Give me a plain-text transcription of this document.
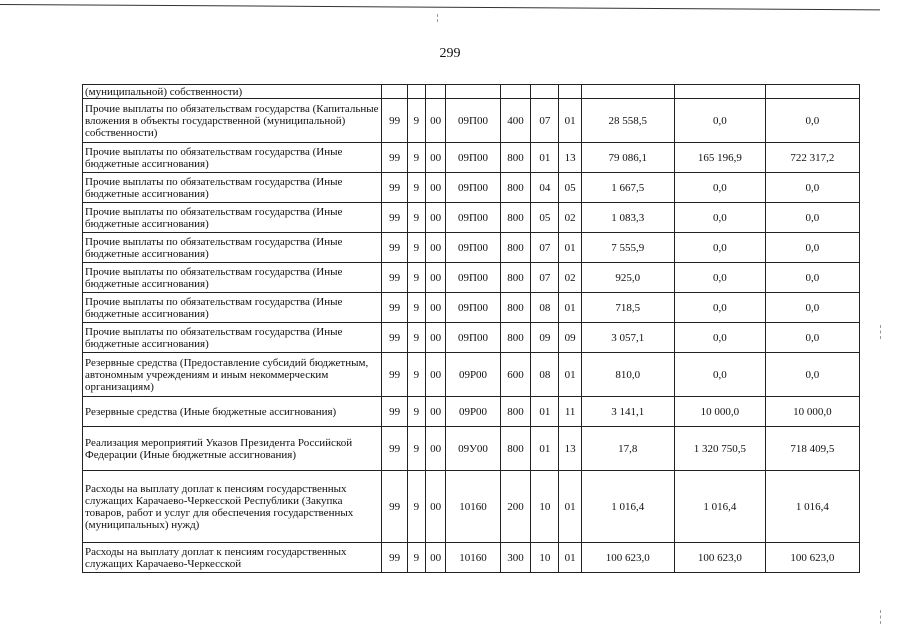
299
(муниципальной) собственности)										
Прочие выплаты по обязательствам государства (Капитальные вложения в объекты государственной (муниципальной) собственности)	99	9	00	09П00	400	07	01	28 558,5	0,0	0,0
Прочие выплаты по обязательствам государства (Иные бюджетные ассигнования)	99	9	00	09П00	800	01	13	79 086,1	165 196,9	722 317,2
Прочие выплаты по обязательствам государства (Иные бюджетные ассигнования)	99	9	00	09П00	800	04	05	1 667,5	0,0	0,0
Прочие выплаты по обязательствам государства (Иные бюджетные ассигнования)	99	9	00	09П00	800	05	02	1 083,3	0,0	0,0
Прочие выплаты по обязательствам государства (Иные бюджетные ассигнования)	99	9	00	09П00	800	07	01	7 555,9	0,0	0,0
Прочие выплаты по обязательствам государства (Иные бюджетные ассигнования)	99	9	00	09П00	800	07	02	925,0	0,0	0,0
Прочие выплаты по обязательствам государства (Иные бюджетные ассигнования)	99	9	00	09П00	800	08	01	718,5	0,0	0,0
Прочие выплаты по обязательствам государства (Иные бюджетные ассигнования)	99	9	00	09П00	800	09	09	3 057,1	0,0	0,0
Резервные средства (Предоставление субсидий бюджетным, автономным учреждениям и иным некоммерческим организациям)	99	9	00	09Р00	600	08	01	810,0	0,0	0,0
Резервные средства (Иные бюджетные ассигнования)	99	9	00	09Р00	800	01	11	3 141,1	10 000,0	10 000,0
Реализация мероприятий Указов Президента Российской Федерации (Иные бюджетные ассигнования)	99	9	00	09У00	800	01	13	17,8	1 320 750,5	718 409,5
Расходы на выплату доплат к пенсиям государственных служащих Карачаево-Черкесской Республики (Закупка товаров, работ и услуг для обеспечения государственных (муниципальных) нужд)	99	9	00	10160	200	10	01	1 016,4	1 016,4	1 016,4
Расходы на выплату доплат к пенсиям государственных служащих Карачаево-Черкесской	99	9	00	10160	300	10	01	100 623,0	100 623,0	100 623,0
